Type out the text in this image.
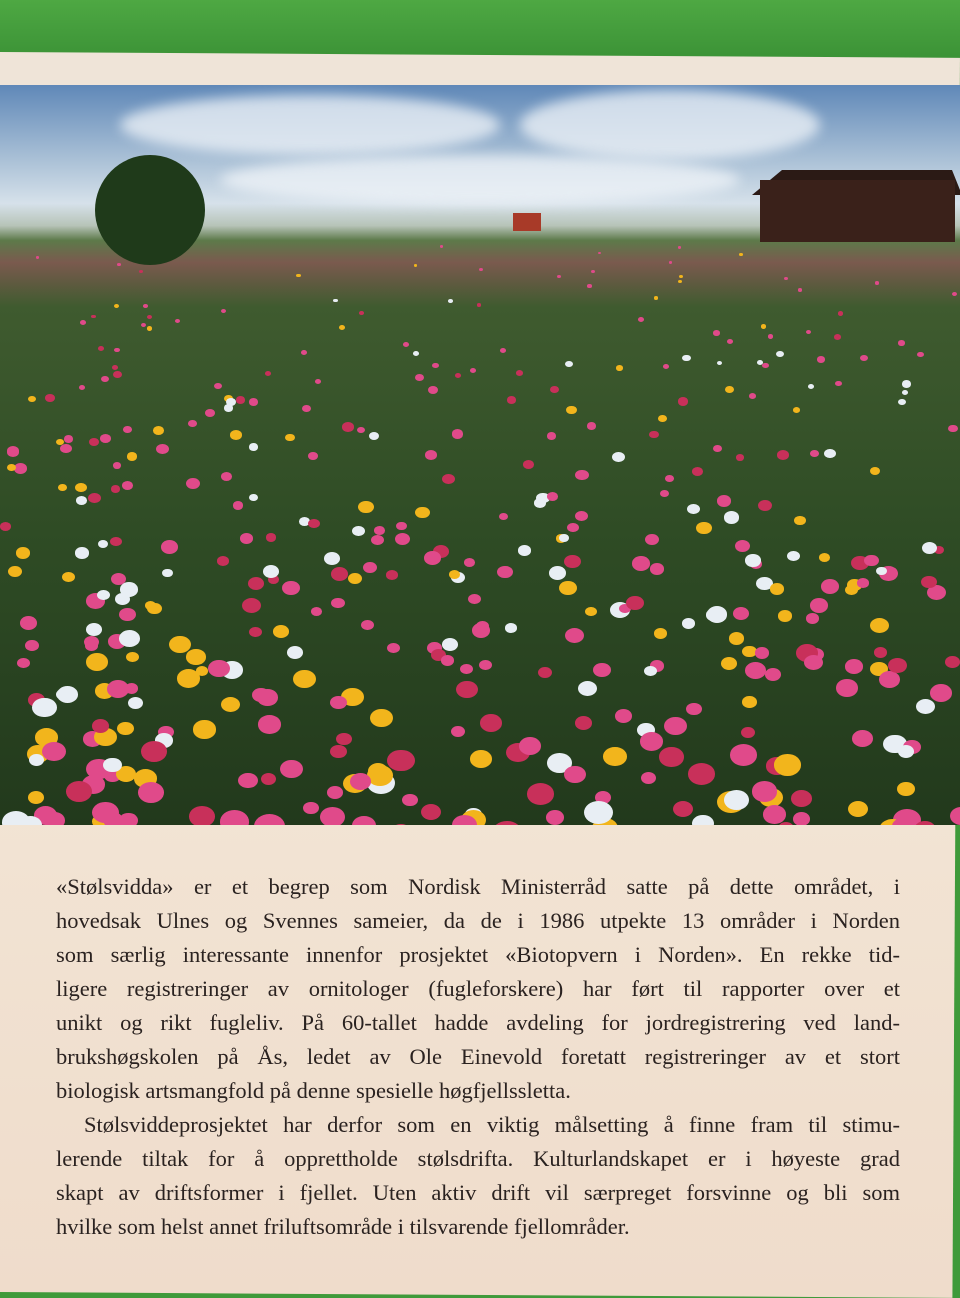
«Stølsvidda» er et begrep som Nordisk Ministerråd satte på dette området, i
hovedsak Ulnes og Svennes sameier, da de i 1986 utpekte 13 områder i Norden
som særlig interessante innenfor prosjektet «Biotopvern i Norden». En rekke tid-
ligere registreringer av ornitologer (fugleforskere) har ført til rapporter over et
unikt og rikt fugleliv. På 60-tallet hadde avdeling for jordregistrering ved land-
brukshøgskolen på Ås, ledet av Ole Einevold foretatt registreringer av et stort
biologisk artsmangfold på denne spesielle høgfjellssletta.
Stølsviddeprosjektet har derfor som en viktig målsetting å finne fram til stimu-
lerende tiltak for å opprettholde stølsdrifta. Kulturlandskapet er i høyeste grad
skapt av driftsformer i fjellet. Uten aktiv drift vil særpreget forsvinne og bli som
hvilke som helst annet friluftsområde i tilsvarende fjellområder.
